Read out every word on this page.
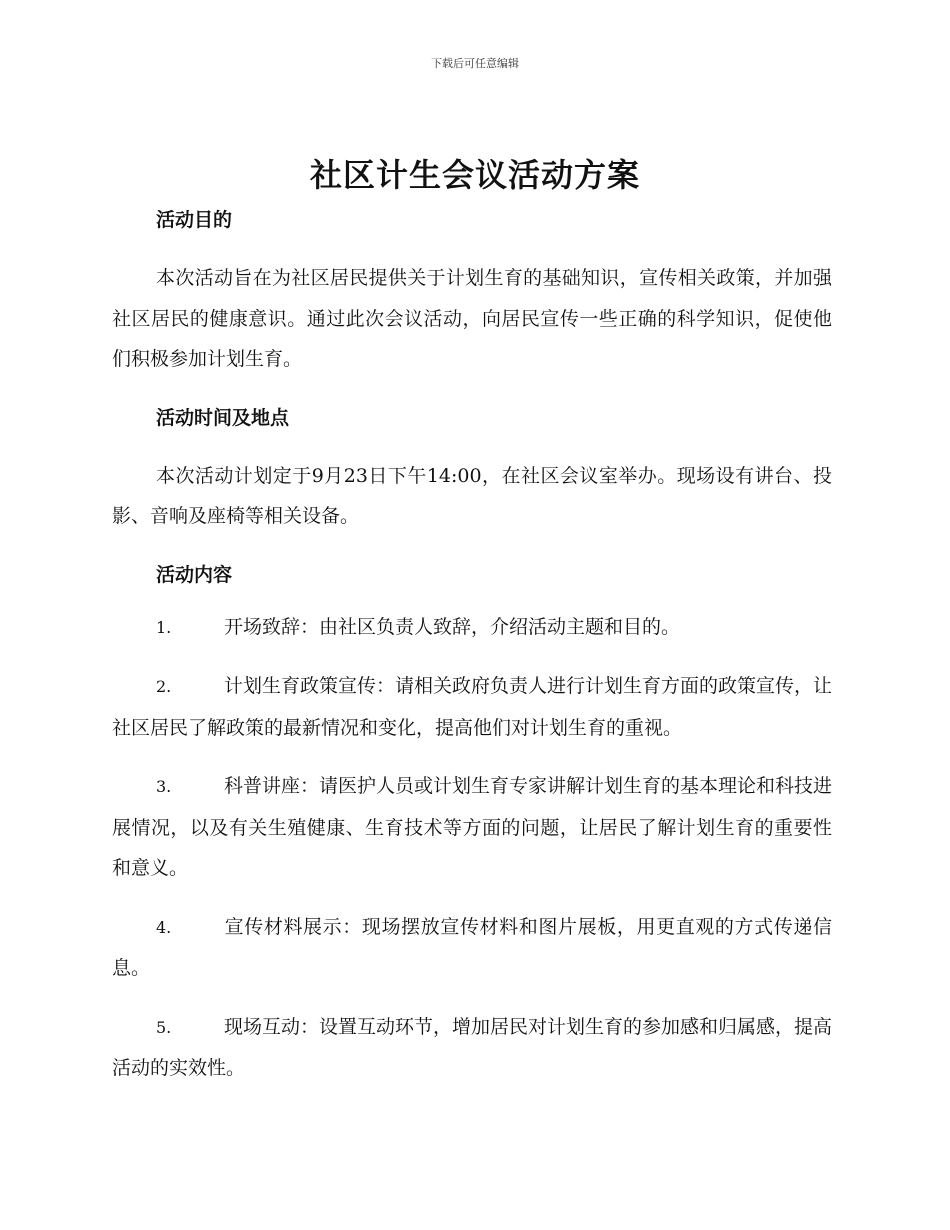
下载后可任意编辑
社区计生会议活动方案

活动目的

本次活动旨在为社区居民提供关于计划生育的基础知识，宣传相关政策，并加强社区居民的健康意识。通过此次会议活动，向居民宣传一些正确的科学知识，促使他们积极参加计划生育。

活动时间及地点

本次活动计划定于9月23日下午14:00，在社区会议室举办。现场设有讲台、投影、音响及座椅等相关设备。

活动内容

1.	开场致辞：由社区负责人致辞，介绍活动主题和目的。
2.	计划生育政策宣传：请相关政府负责人进行计划生育方面的政策宣传，让社区居民了解政策的最新情况和变化，提高他们对计划生育的重视。
3.	科普讲座：请医护人员或计划生育专家讲解计划生育的基本理论和科技进展情况，以及有关生殖健康、生育技术等方面的问题，让居民了解计划生育的重要性和意义。
4.	宣传材料展示：现场摆放宣传材料和图片展板，用更直观的方式传递信息。
5.	现场互动：设置互动环节，增加居民对计划生育的参加感和归属感，提高活动的实效性。
